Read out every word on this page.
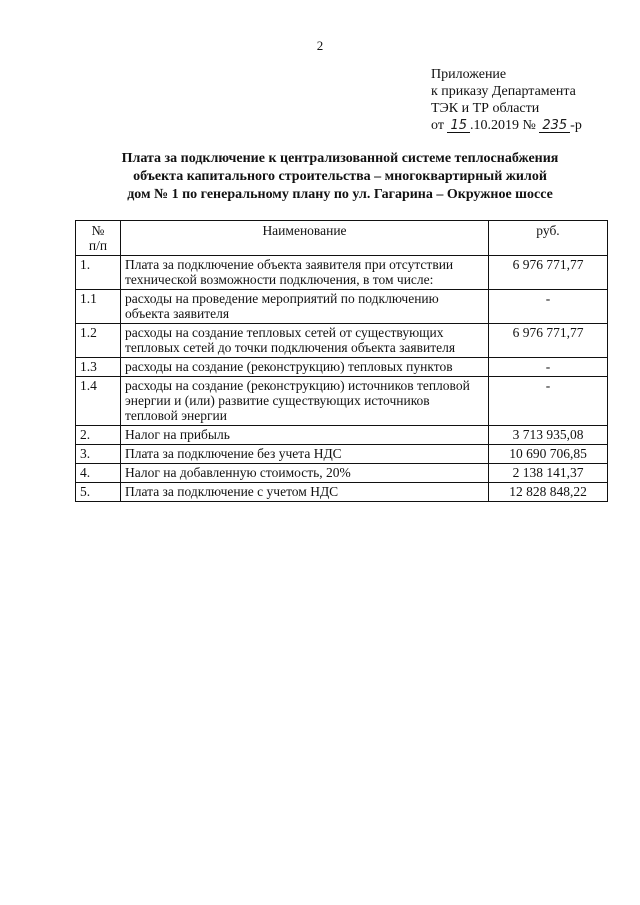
2
Приложение
к приказу Департамента
ТЭК и ТР области
от 15 .10.2019 № 235 -р
Плата за подключение к централизованной системе теплоснабжения
объекта капитального строительства – многоквартирный жилой
дом № 1 по генеральному плану по ул. Гагарина – Окружное шоссе
№
п/п	Наименование	руб.
1.	Плата за подключение объекта заявителя при отсутствии технической возможности подключения, в том числе:	6 976 771,77
1.1	расходы на проведение мероприятий по подключению объекта заявителя	-
1.2	расходы на создание тепловых сетей от существующих тепловых сетей до точки подключения объекта заявителя	6 976 771,77
1.3	расходы на создание (реконструкцию) тепловых пунктов	-
1.4	расходы на создание (реконструкцию) источников тепловой энергии и (или) развитие существующих источников тепловой энергии	-
2.	Налог на прибыль	3 713 935,08
3.	Плата за подключение без учета НДС	10 690 706,85
4.	Налог на добавленную стоимость, 20%	2 138 141,37
5.	Плата за подключение с учетом НДС	12 828 848,22
